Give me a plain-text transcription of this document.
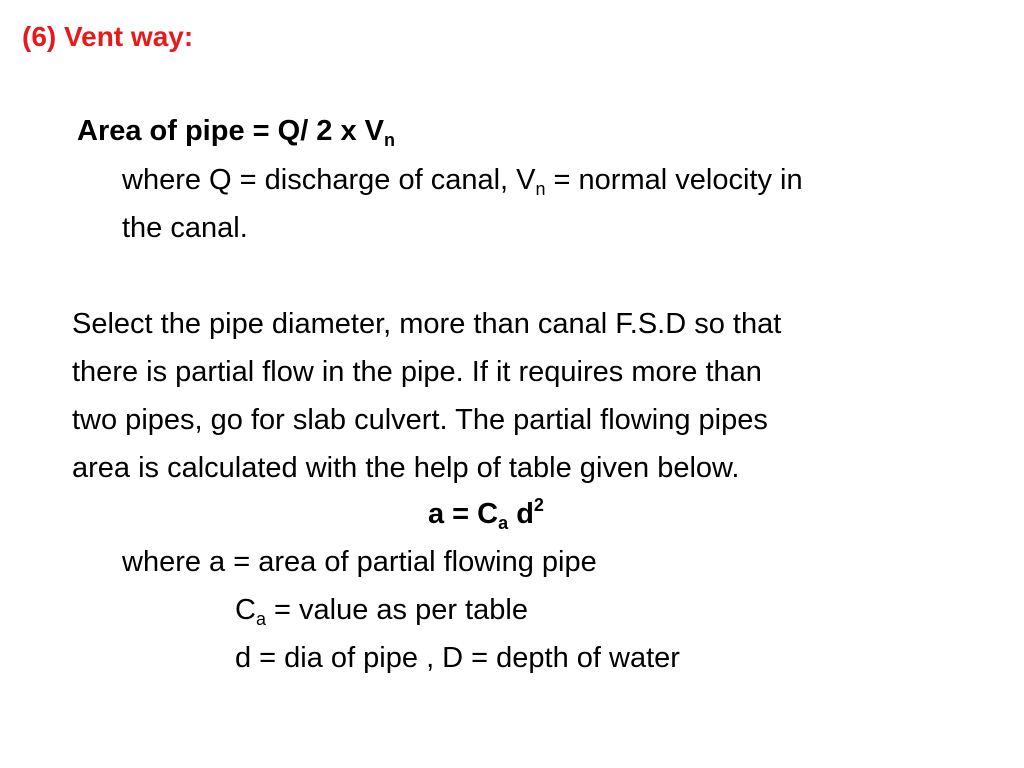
(6) Vent way:
Area of pipe = Q/ 2 x $V_n$
where Q = discharge of canal, $V_n$ = normal velocity in
the canal.
Select the pipe diameter, more than canal F.S.D so that
there is partial flow in the pipe. If it requires more than
two pipes, go for slab culvert. The partial flowing pipes
area is calculated with the help of table given below.
$a = C_a$ $d^2$
where a = area of partial flowing pipe
$C_a$ = value as per table
d = dia of pipe , D = depth of water
